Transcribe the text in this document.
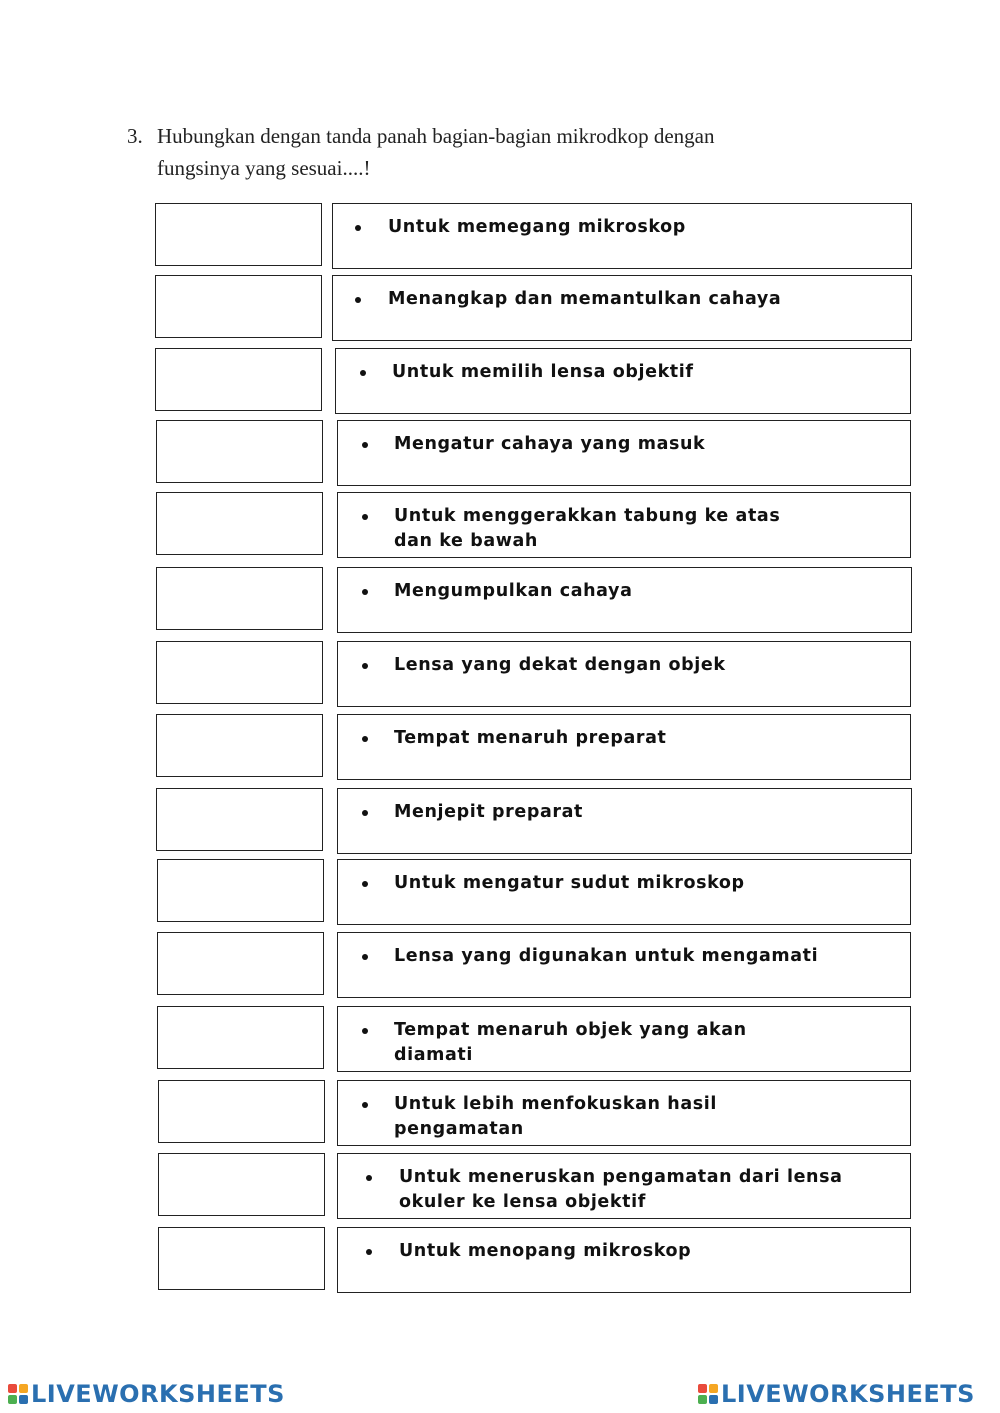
3. Hubungkan dengan tanda panah bagian-bagian mikrodkop dengan
fungsinya yang sesuai....!
Untuk memegang mikroskop
Menangkap dan memantulkan cahaya
Untuk memilih lensa objektif
Mengatur cahaya yang masuk
Untuk menggerakkan tabung ke atas
dan ke bawah
Mengumpulkan cahaya
Lensa yang dekat dengan objek
Tempat menaruh preparat
Menjepit preparat
Untuk mengatur sudut mikroskop
Lensa yang digunakan untuk mengamati
Tempat menaruh objek yang akan
diamati
Untuk lebih menfokuskan hasil
pengamatan
Untuk meneruskan pengamatan dari lensa
okuler ke lensa objektif
Untuk menopang mikroskop
LIVEWORKSHEETS	LIVEWORKSHEETS
